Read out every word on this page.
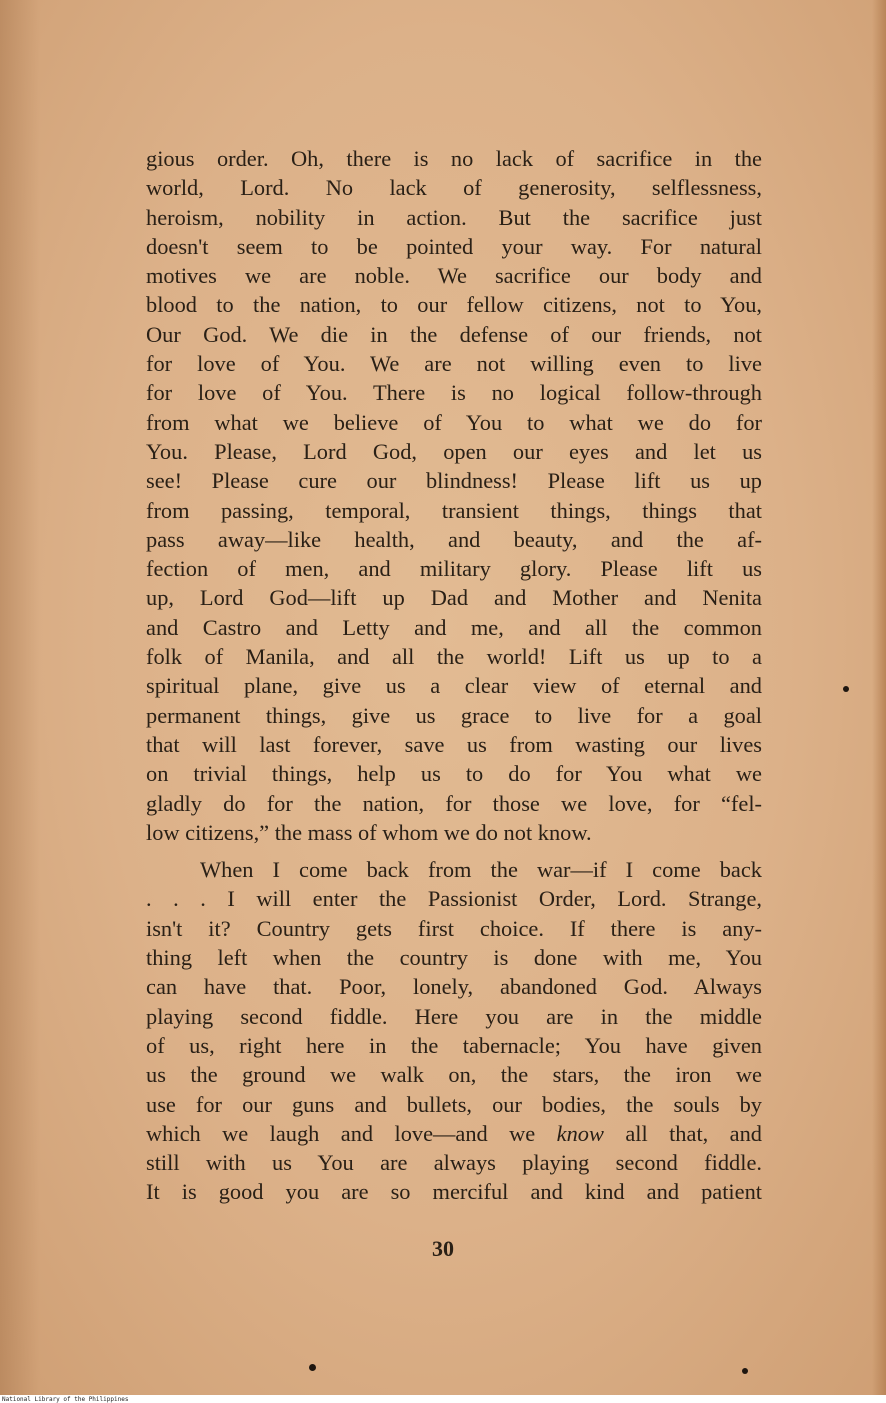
gious order. Oh, there is no lack of sacrifice in the
world, Lord. No lack of generosity, selflessness,
heroism, nobility in action. But the sacrifice just
doesn't seem to be pointed your way. For natural
motives we are noble. We sacrifice our body and
blood to the nation, to our fellow citizens, not to You,
Our God. We die in the defense of our friends, not
for love of You. We are not willing even to live
for love of You. There is no logical follow-through
from what we believe of You to what we do for
You. Please, Lord God, open our eyes and let us
see! Please cure our blindness! Please lift us up
from passing, temporal, transient things, things that
pass away—like health, and beauty, and the af-
fection of men, and military glory. Please lift us
up, Lord God—lift up Dad and Mother and Nenita
and Castro and Letty and me, and all the common
folk of Manila, and all the world! Lift us up to a
spiritual plane, give us a clear view of eternal and
permanent things, give us grace to live for a goal
that will last forever, save us from wasting our lives
on trivial things, help us to do for You what we
gladly do for the nation, for those we love, for “fel-
low citizens,” the mass of whom we do not know.
When I come back from the war—if I come back
. . . I will enter the Passionist Order, Lord. Strange,
isn't it? Country gets first choice. If there is any-
thing left when the country is done with me, You
can have that. Poor, lonely, abandoned God. Always
playing second fiddle. Here you are in the middle
of us, right here in the tabernacle; You have given
us the ground we walk on, the stars, the iron we
use for our guns and bullets, our bodies, the souls by
which we laugh and love—and we know all that, and
still with us You are always playing second fiddle.
It is good you are so merciful and kind and patient
30
National Library of the Philippines
